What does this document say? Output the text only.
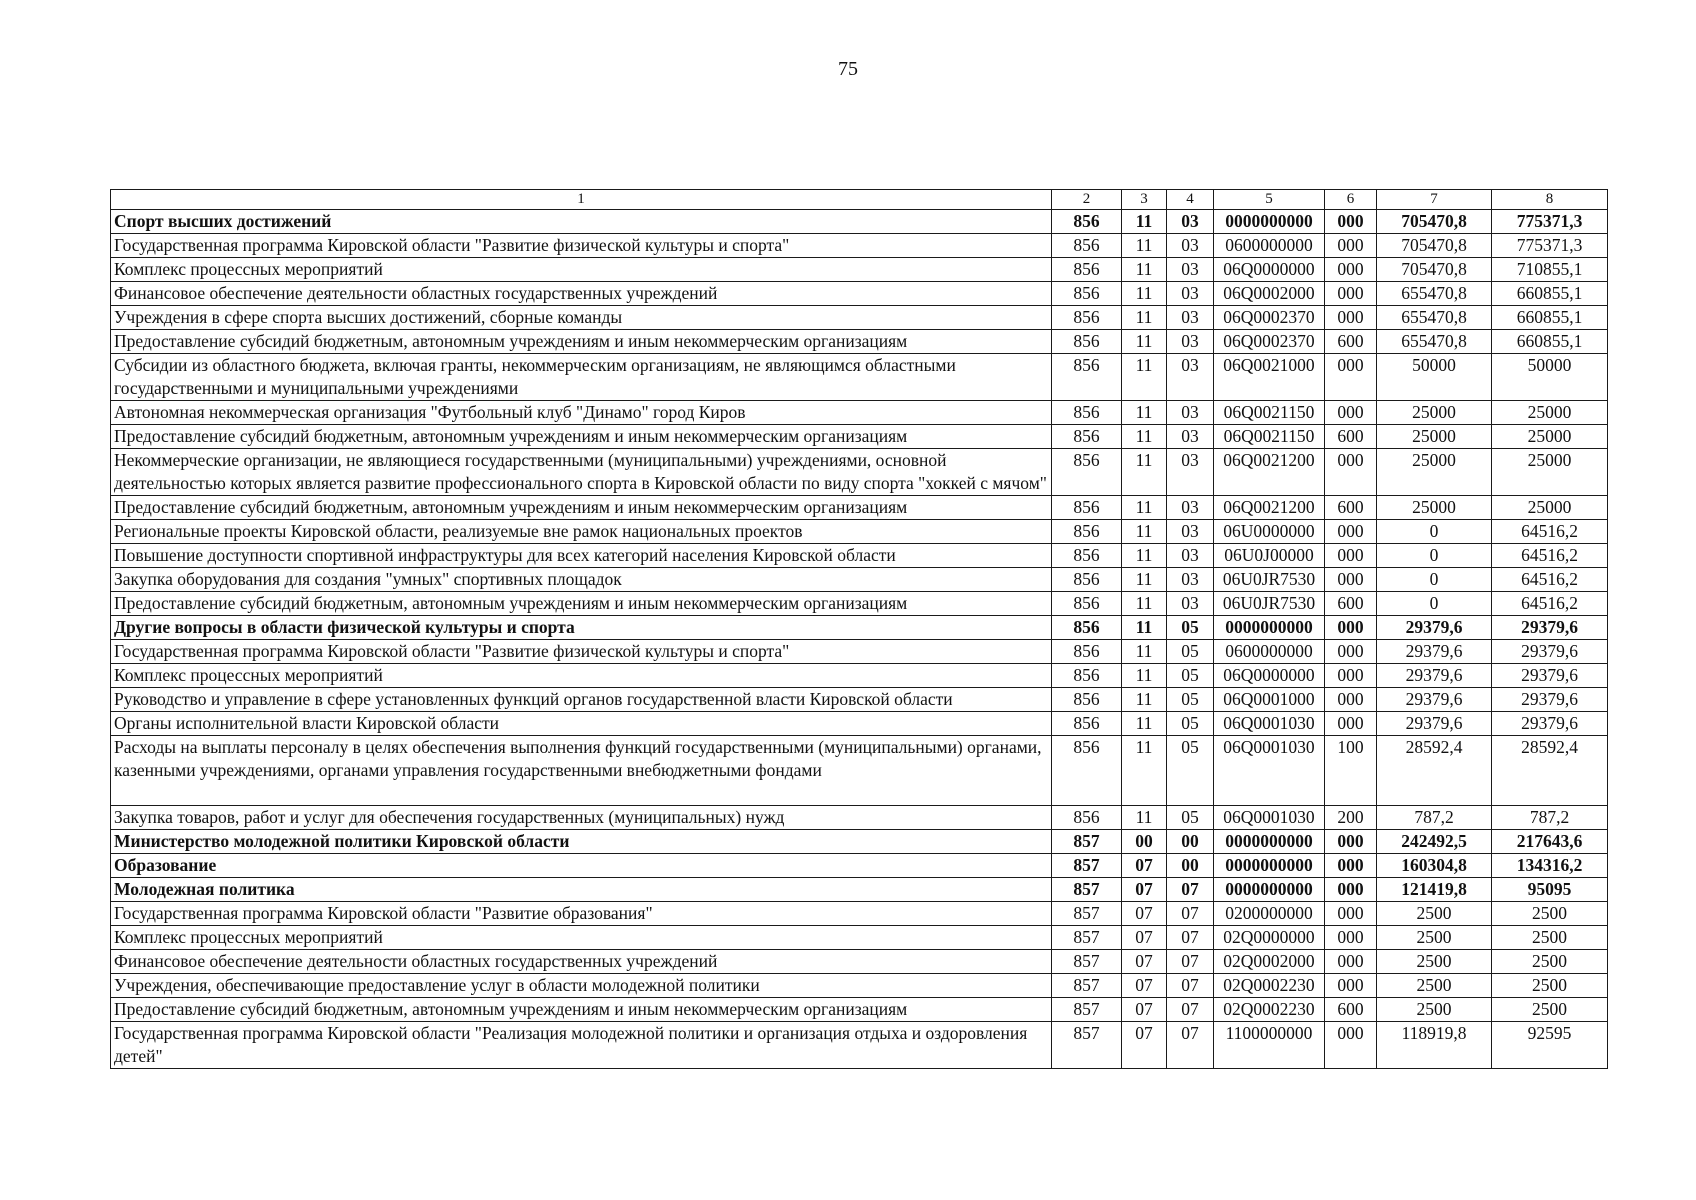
75
1	2	3	4	5	6	7	8
Спорт высших достижений	856	11	03	0000000000	000	705470,8	775371,3
Государственная программа Кировской области "Развитие физической культуры и спорта"	856	11	03	0600000000	000	705470,8	775371,3
Комплекс процессных мероприятий	856	11	03	06Q0000000	000	705470,8	710855,1
Финансовое обеспечение деятельности областных государственных учреждений	856	11	03	06Q0002000	000	655470,8	660855,1
Учреждения в сфере спорта высших достижений, сборные команды	856	11	03	06Q0002370	000	655470,8	660855,1
Предоставление субсидий бюджетным, автономным учреждениям и иным некоммерческим организациям	856	11	03	06Q0002370	600	655470,8	660855,1
Субсидии из областного бюджета, включая гранты, некоммерческим организациям, не являющимся областными государственными и муниципальными учреждениями	856	11	03	06Q0021000	000	50000	50000
Автономная некоммерческая организация "Футбольный клуб "Динамо" город Киров	856	11	03	06Q0021150	000	25000	25000
Предоставление субсидий бюджетным, автономным учреждениям и иным некоммерческим организациям	856	11	03	06Q0021150	600	25000	25000
Некоммерческие организации, не являющиеся государственными (муниципальными) учреждениями, основной деятельностью которых является развитие профессионального спорта в Кировской области по виду спорта "хоккей с мячом"	856	11	03	06Q0021200	000	25000	25000
Предоставление субсидий бюджетным, автономным учреждениям и иным некоммерческим организациям	856	11	03	06Q0021200	600	25000	25000
Региональные проекты Кировской области, реализуемые вне рамок национальных проектов	856	11	03	06U0000000	000	0	64516,2
Повышение доступности спортивной инфраструктуры для всех категорий населения Кировской области	856	11	03	06U0J00000	000	0	64516,2
Закупка оборудования для создания "умных" спортивных площадок	856	11	03	06U0JR7530	000	0	64516,2
Предоставление субсидий бюджетным, автономным учреждениям и иным некоммерческим организациям	856	11	03	06U0JR7530	600	0	64516,2
Другие вопросы в области физической культуры и спорта	856	11	05	0000000000	000	29379,6	29379,6
Государственная программа Кировской области "Развитие физической культуры и спорта"	856	11	05	0600000000	000	29379,6	29379,6
Комплекс процессных мероприятий	856	11	05	06Q0000000	000	29379,6	29379,6
Руководство и управление в сфере установленных функций органов государственной власти Кировской области	856	11	05	06Q0001000	000	29379,6	29379,6
Органы исполнительной власти Кировской области	856	11	05	06Q0001030	000	29379,6	29379,6
Расходы на выплаты персоналу в целях обеспечения выполнения функций государственными (муниципальными) органами, казенными учреждениями, органами управления государственными внебюджетными фондами	856	11	05	06Q0001030	100	28592,4	28592,4
Закупка товаров, работ и услуг для обеспечения государственных (муниципальных) нужд	856	11	05	06Q0001030	200	787,2	787,2
Министерство молодежной политики Кировской области	857	00	00	0000000000	000	242492,5	217643,6
Образование	857	07	00	0000000000	000	160304,8	134316,2
Молодежная политика	857	07	07	0000000000	000	121419,8	95095
Государственная программа Кировской области "Развитие образования"	857	07	07	0200000000	000	2500	2500
Комплекс процессных мероприятий	857	07	07	02Q0000000	000	2500	2500
Финансовое обеспечение деятельности областных государственных учреждений	857	07	07	02Q0002000	000	2500	2500
Учреждения, обеспечивающие предоставление услуг в области молодежной политики	857	07	07	02Q0002230	000	2500	2500
Предоставление субсидий бюджетным, автономным учреждениям и иным некоммерческим организациям	857	07	07	02Q0002230	600	2500	2500
Государственная программа Кировской области "Реализация молодежной политики и организация отдыха и оздоровления детей"	857	07	07	1100000000	000	118919,8	92595
